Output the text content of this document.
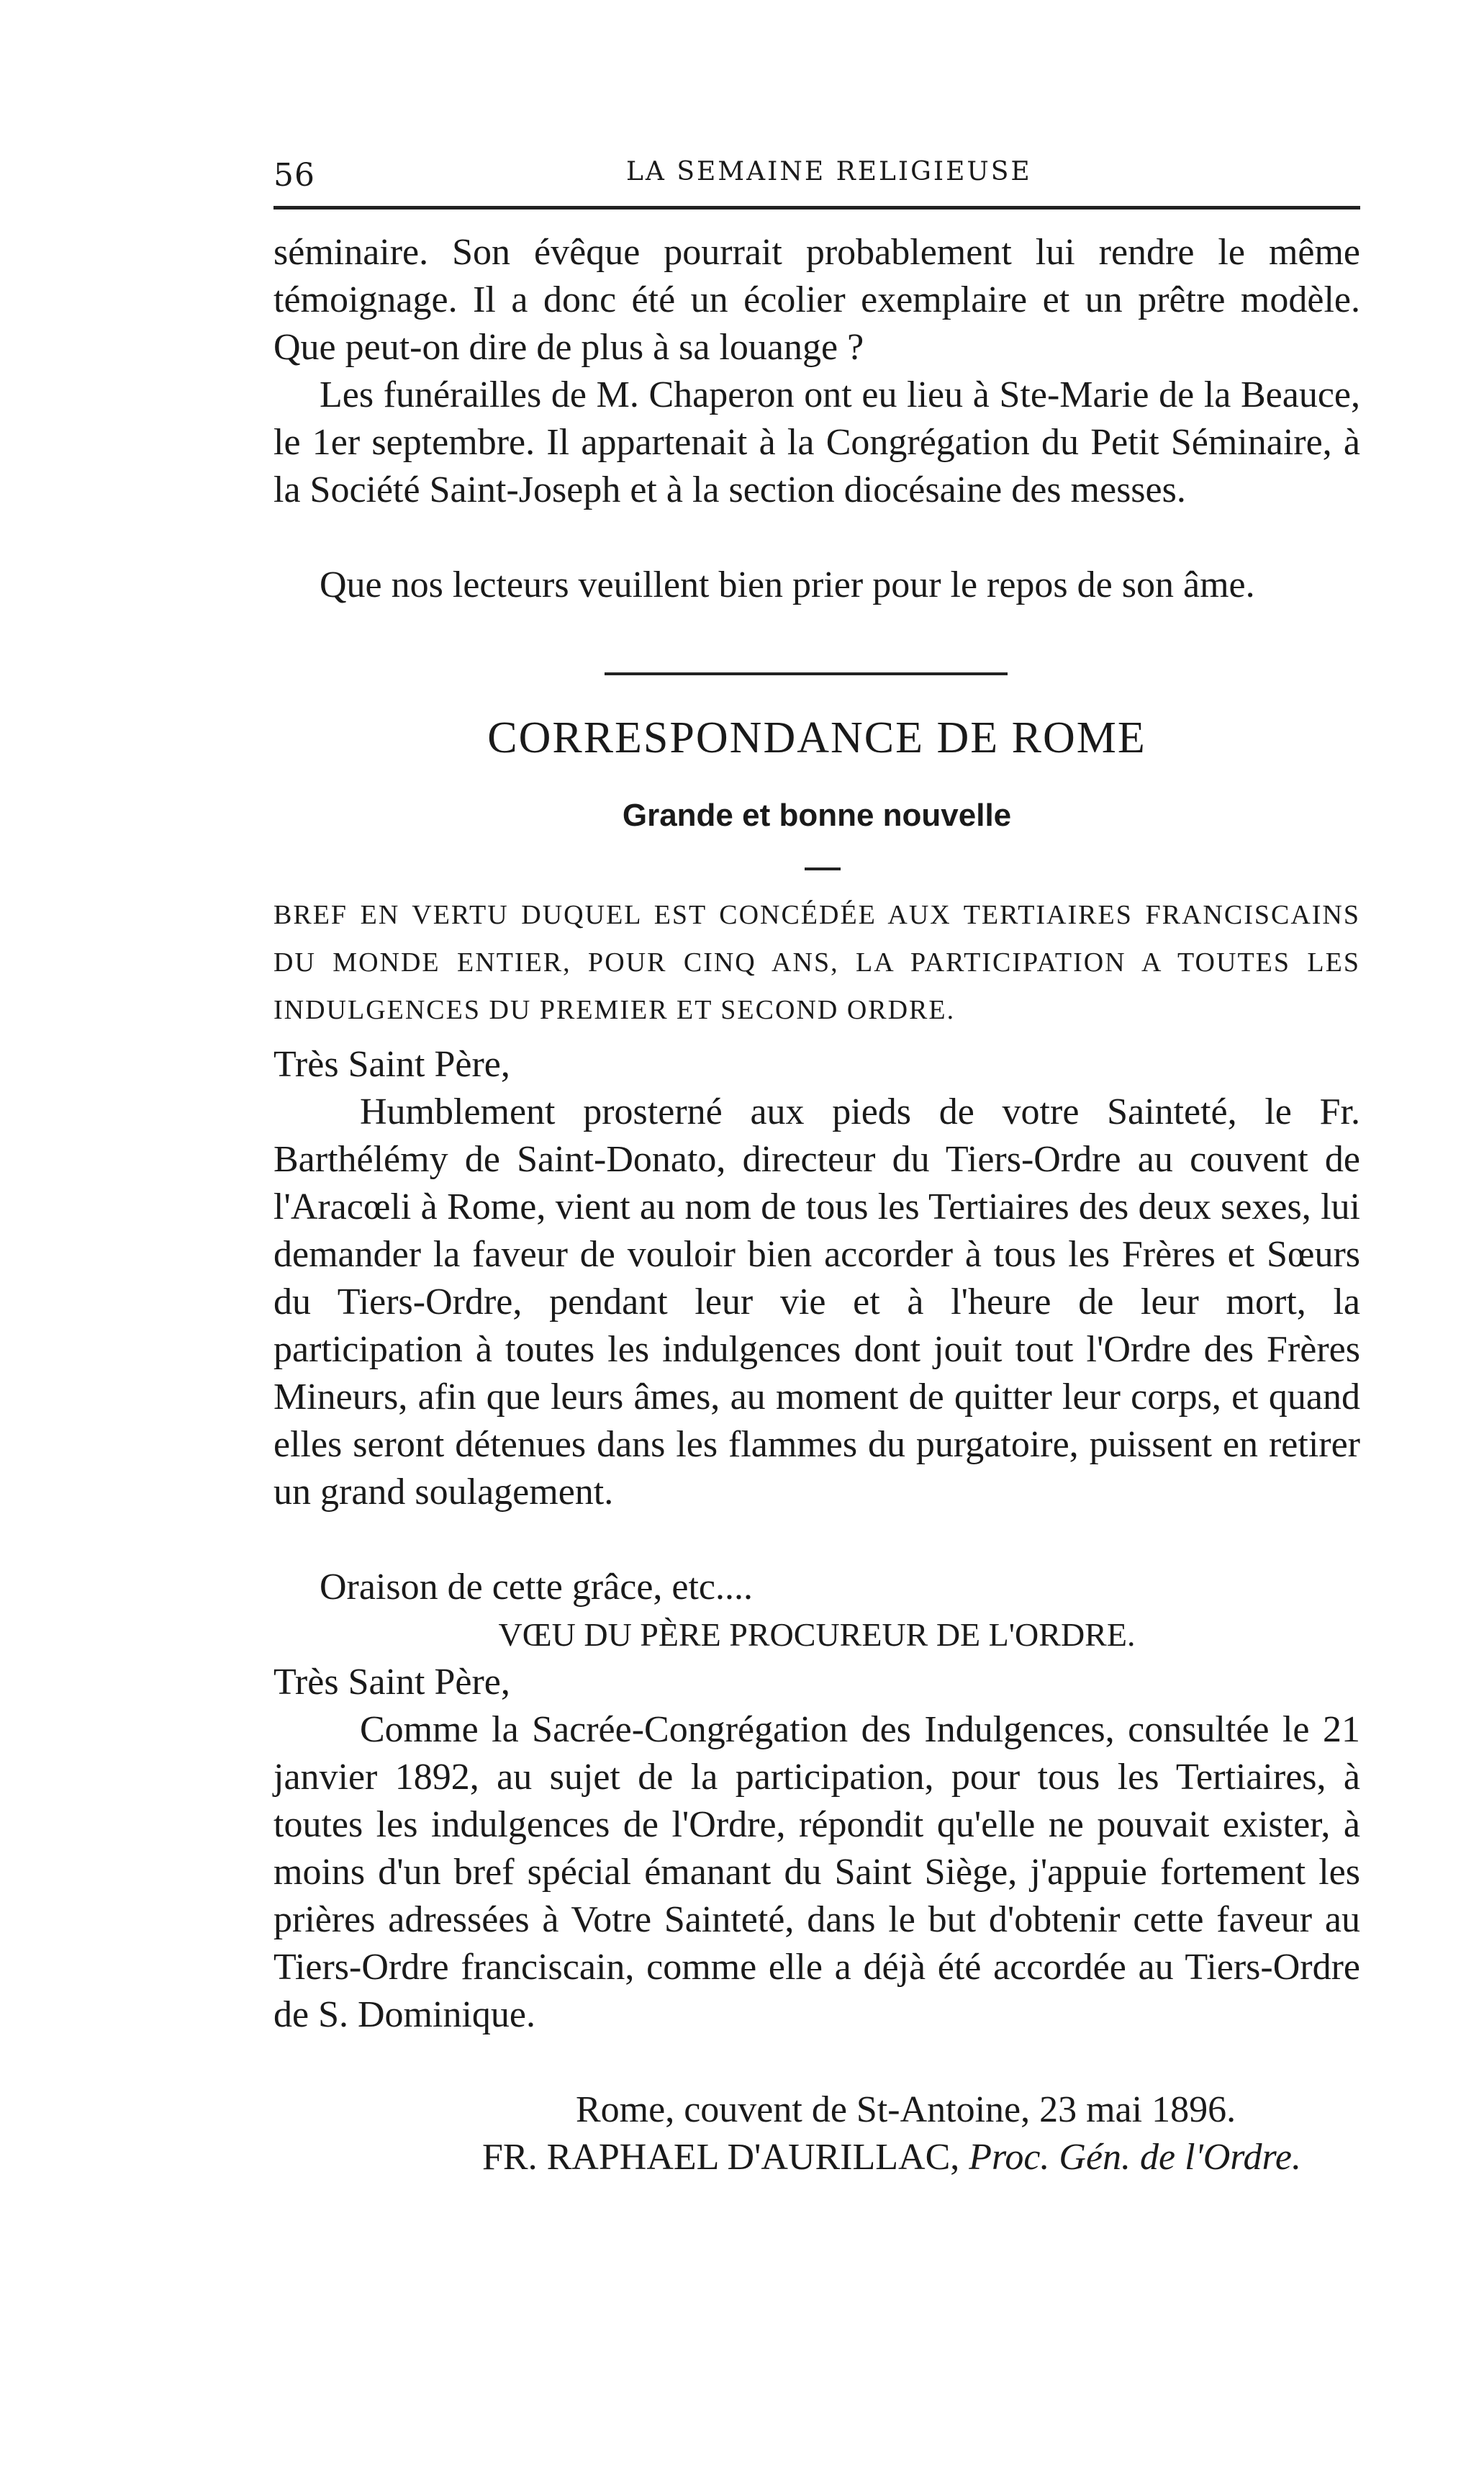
56	LA SEMAINE RELIGIEUSE

séminaire. Son évêque pourrait probablement lui rendre le même témoignage. Il a donc été un écolier exemplaire et un prêtre modèle. Que peut-on dire de plus à sa louange ?

Les funérailles de M. Chaperon ont eu lieu à Ste-Marie de la Beauce, le 1er septembre. Il appartenait à la Congrégation du Petit Séminaire, à la Société Saint-Joseph et à la section diocésaine des messes.

Que nos lecteurs veuillent bien prier pour le repos de son âme.

CORRESPONDANCE DE ROME
Grande et bonne nouvelle

BREF EN VERTU DUQUEL EST CONCÉDÉE AUX TERTIAIRES FRANCISCAINS DU MONDE ENTIER, POUR CINQ ANS, LA PARTICIPATION A TOUTES LES INDULGENCES DU PREMIER ET SECOND ORDRE.

Très Saint Père,

Humblement prosterné aux pieds de votre Sainteté, le Fr. Barthélémy de Saint-Donato, directeur du Tiers-Ordre au couvent de l'Aracœli à Rome, vient au nom de tous les Tertiaires des deux sexes, lui demander la faveur de vouloir bien accorder à tous les Frères et Sœurs du Tiers-Ordre, pendant leur vie et à l'heure de leur mort, la participation à toutes les indulgences dont jouit tout l'Ordre des Frères Mineurs, afin que leurs âmes, au moment de quitter leur corps, et quand elles seront détenues dans les flammes du purgatoire, puissent en retirer un grand soulagement.

Oraison de cette grâce, etc....

VŒU DU PÈRE PROCUREUR DE L'ORDRE.

Très Saint Père,

Comme la Sacrée-Congrégation des Indulgences, consultée le 21 janvier 1892, au sujet de la participation, pour tous les Tertiaires, à toutes les indulgences de l'Ordre, répondit qu'elle ne pouvait exister, à moins d'un bref spécial émanant du Saint Siège, j'appuie fortement les prières adressées à Votre Sainteté, dans le but d'obtenir cette faveur au Tiers-Ordre franciscain, comme elle a déjà été accordée au Tiers-Ordre de S. Dominique.

Rome, couvent de St-Antoine, 23 mai 1896.

FR. RAPHAEL D'AURILLAC, Proc. Gén. de l'Ordre.
